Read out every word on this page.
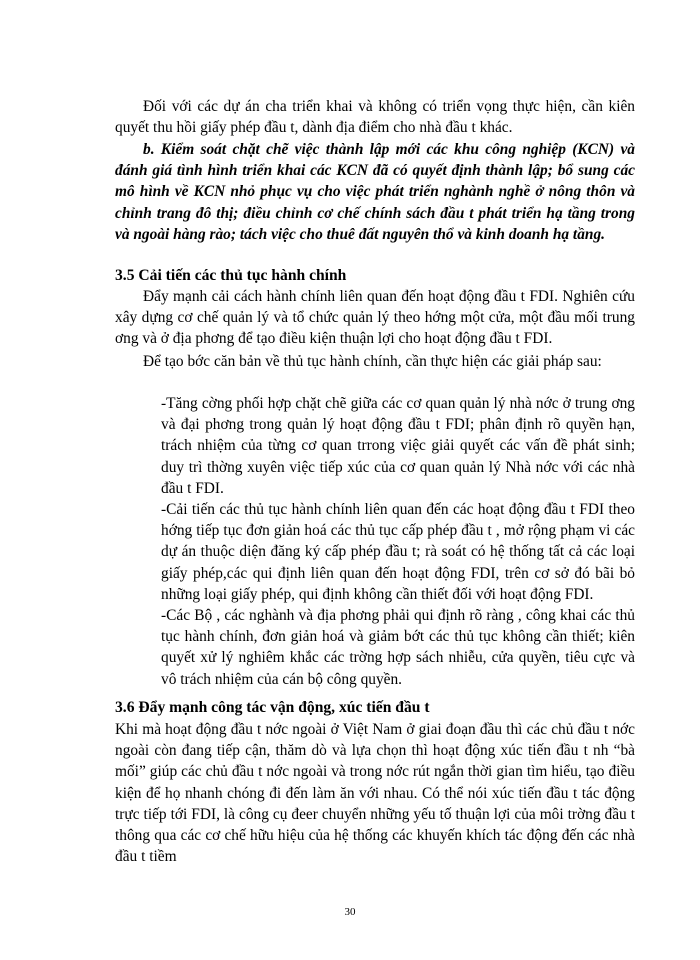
Đối với các dự án cha triển khai và không có triển vọng thực hiện, cần kiên quyết thu hồi giấy phép đầu t, dành địa điểm cho nhà đầu t khác.

b. Kiểm soát chặt chẽ việc thành lập mới các khu công nghiệp (KCN) và đánh giá tình hình triển khai các KCN đã có quyết định thành lập; bổ sung các mô hình về KCN nhỏ phục vụ cho việc phát triển nghành nghề ở nông thôn và chỉnh trang đô thị; điều chỉnh cơ chế chính sách đầu t phát triển hạ tầng trong và ngoài hàng rào; tách việc cho thuê đất nguyên thổ và kinh doanh hạ tầng.

3.5 Cải tiến các thủ tục hành chính

Đẩy mạnh cải cách hành chính liên quan đến hoạt động đầu t FDI. Nghiên cứu xây dựng cơ chế quản lý và tổ chức quản lý theo hớng một cửa, một đầu mối trung ơng và ở địa phơng để tạo điều kiện thuận lợi cho hoạt động đầu t FDI.

Để tạo bớc căn bản về thủ tục hành chính, cần thực hiện các giải pháp sau:

-Tăng cờng phối hợp chặt chẽ giữa các cơ quan quản lý nhà nớc ở trung ơng và đại phơng trong quản lý hoạt động đầu t FDI; phân định rõ quyền hạn, trách nhiệm của từng cơ quan trrong việc giải quyết các vấn đề phát sinh; duy trì thờng xuyên việc tiếp xúc của cơ quan quản lý Nhà nớc với các nhà đầu t FDI.

-Cải tiến các thủ tục hành chính liên quan đến các hoạt động đầu t FDI theo hớng tiếp tục đơn giản hoá các thủ tục cấp phép đầu t , mở rộng phạm vi các dự án thuộc diện đăng ký cấp phép đầu t; rà soát có hệ thống tất cả các loại giấy phép,các qui định liên quan đến hoạt động FDI, trên cơ sở đó bãi bỏ những loại giấy phép, qui định không cần thiết đối với hoạt động FDI.

-Các Bộ , các nghành và địa phơng phải qui định rõ ràng , công khai các thủ tục hành chính, đơn giản hoá và giảm bớt các thủ tục không cần thiết; kiên quyết xử lý nghiêm khắc các trờng hợp sách nhiễu, cửa quyền, tiêu cực và vô trách nhiệm của cán bộ công quyền.

3.6 Đẩy mạnh công tác vận động, xúc tiến đầu t

Khi mà hoạt động đầu t nớc ngoài ở Việt Nam ở giai đoạn đầu thì các chủ đầu t nớc ngoài còn đang tiếp cận, thăm dò và lựa chọn thì hoạt động xúc tiến đầu t nh “bà mối” giúp các chủ đầu t nớc ngoài và trong nớc rút ngắn thời gian tìm hiểu, tạo điều kiện để họ nhanh chóng đi đến làm ăn với nhau. Có thể nói xúc tiến đầu t tác động trực tiếp tới FDI, là công cụ đeer chuyển những yếu tố thuận lợi của môi trờng đầu t thông qua các cơ chế hữu hiệu của hệ thống các khuyến khích tác động đến các nhà đầu t tiềm

30
